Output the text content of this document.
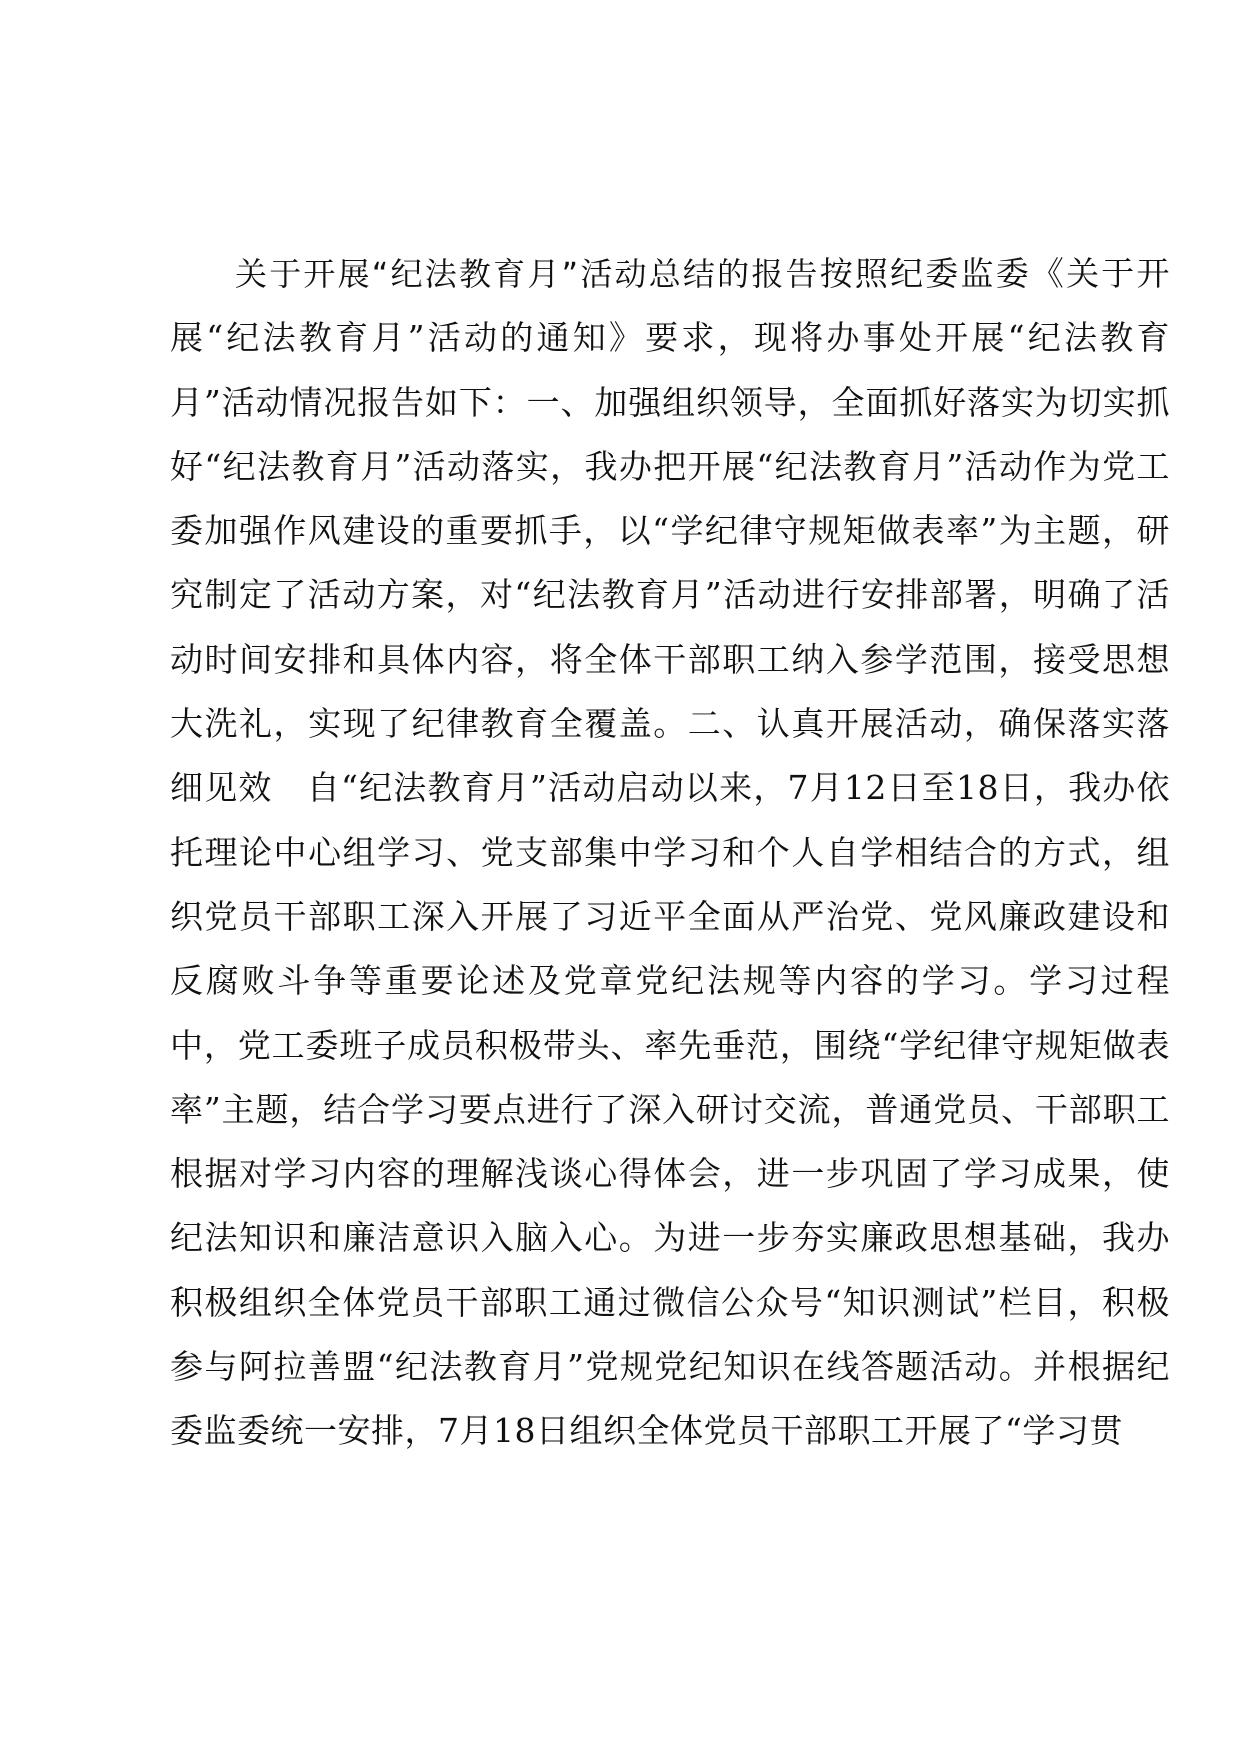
关于开展“纪法教育月”活动总结的报告按照纪委监委《关于开展“纪法教育月”活动的通知》要求，现将办事处开展“纪法教育月”活动情况报告如下：一、加强组织领导，全面抓好落实为切实抓好“纪法教育月”活动落实，我办把开展“纪法教育月”活动作为党工委加强作风建设的重要抓手，以“学纪律守规矩做表率”为主题，研究制定了活动方案，对“纪法教育月”活动进行安排部署，明确了活动时间安排和具体内容，将全体干部职工纳入参学范围，接受思想大洗礼，实现了纪律教育全覆盖。二、认真开展活动，确保落实落细见效　自“纪法教育月”活动启动以来，7月12日至18日，我办依托理论中心组学习、党支部集中学习和个人自学相结合的方式，组织党员干部职工深入开展了习近平全面从严治党、党风廉政建设和反腐败斗争等重要论述及党章党纪法规等内容的学习。学习过程中，党工委班子成员积极带头、率先垂范，围绕“学纪律守规矩做表率”主题，结合学习要点进行了深入研讨交流，普通党员、干部职工根据对学习内容的理解浅谈心得体会，进一步巩固了学习成果，使纪法知识和廉洁意识入脑入心。为进一步夯实廉政思想基础，我办积极组织全体党员干部职工通过微信公众号“知识测试”栏目，积极参与阿拉善盟“纪法教育月”党规党纪知识在线答题活动。并根据纪委监委统一安排，7月18日组织全体党员干部职工开展了“学习贯
